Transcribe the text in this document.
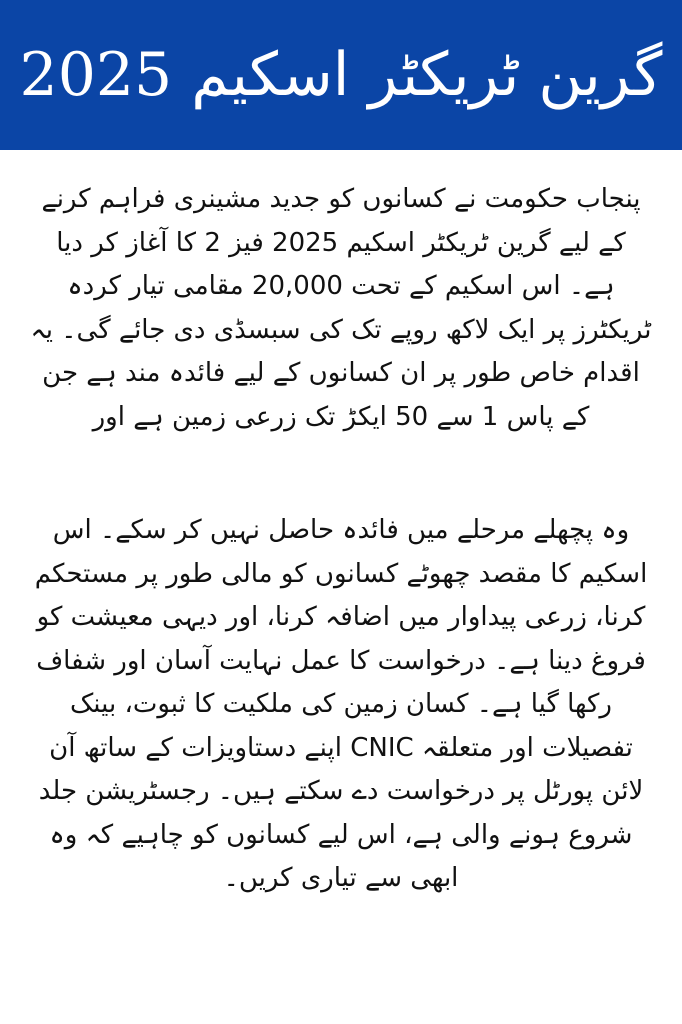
گرین ٹریکٹر اسکیم 2025

پنجاب حکومت نے کسانوں کو جدید مشینری فراہم کرنے کے لیے گرین ٹریکٹر اسکیم 2025 فیز 2 کا آغاز کر دیا ہے۔ اس اسکیم کے تحت 20,000 مقامی تیار کردہ ٹریکٹرز پر ایک لاکھ روپے تک کی سبسڈی دی جائے گی۔ یہ اقدام خاص طور پر ان کسانوں کے لیے فائدہ مند ہے جن کے پاس 1 سے 50 ایکڑ تک زرعی زمین ہے اور

وہ پچھلے مرحلے میں فائدہ حاصل نہیں کر سکے۔ اس اسکیم کا مقصد چھوٹے کسانوں کو مالی طور پر مستحکم کرنا، زرعی پیداوار میں اضافہ کرنا، اور دیہی معیشت کو فروغ دینا ہے۔ درخواست کا عمل نہایت آسان اور شفاف رکھا گیا ہے۔ کسان زمین کی ملکیت کا ثبوت، بینک تفصیلات اور متعلقہ CNIC اپنے دستاویزات کے ساتھ آن لائن پورٹل پر درخواست دے سکتے ہیں۔ رجسٹریشن جلد شروع ہونے والی ہے، اس لیے کسانوں کو چاہیے کہ وہ ابھی سے تیاری کریں۔
